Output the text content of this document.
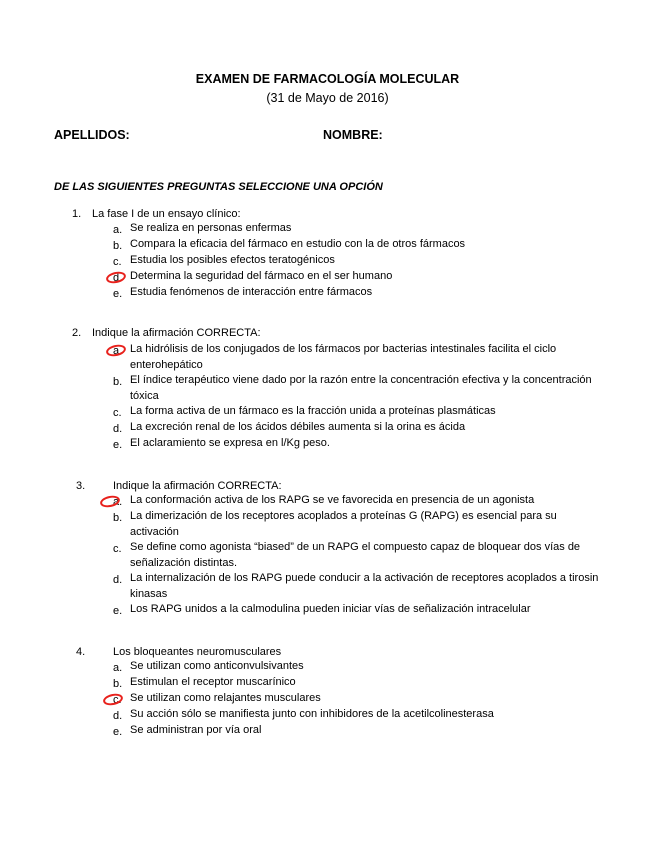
EXAMEN DE FARMACOLOGÍA MOLECULAR
(31 de Mayo de 2016)
APELLIDOS:	NOMBRE:
DE LAS SIGUIENTES PREGUNTAS SELECCIONE UNA OPCIÓN
1. La fase I de un ensayo clínico:
a. Se realiza en personas enfermas
b. Compara la eficacia del fármaco en estudio con la de otros fármacos
c. Estudia los posibles efectos teratogénicos
d. Determina la seguridad del fármaco en el ser humano
e. Estudia fenómenos de interacción entre fármacos
2. Indique la afirmación CORRECTA:
a. La hidrólisis de los conjugados de los fármacos por bacterias intestinales facilita el ciclo enterohepático
b. El índice terapéutico viene dado por la razón entre la concentración efectiva y la concentración tóxica
c. La forma activa de un fármaco es la fracción unida a proteínas plasmáticas
d. La excreción renal de los ácidos débiles aumenta si la orina es ácida
e. El aclaramiento se expresa en l/Kg peso.
3.	Indique la afirmación CORRECTA:
a. La conformación activa de los RAPG se ve favorecida en presencia de un agonista
b. La dimerización de los receptores acoplados a proteínas G (RAPG) es esencial para su activación
c. Se define como agonista “biased” de un RAPG el compuesto capaz de bloquear dos vías de señalización distintas.
d. La internalización de los RAPG puede conducir a la activación de receptores acoplados a tirosin kinasas
e. Los RAPG unidos a la calmodulina pueden iniciar vías de señalización intracelular
4.	Los bloqueantes neuromusculares
a. Se utilizan como anticonvulsivantes
b. Estimulan el receptor muscarínico
c. Se utilizan como relajantes musculares
d. Su acción sólo se manifiesta junto con inhibidores de la acetilcolinesterasa
e. Se administran por vía oral
